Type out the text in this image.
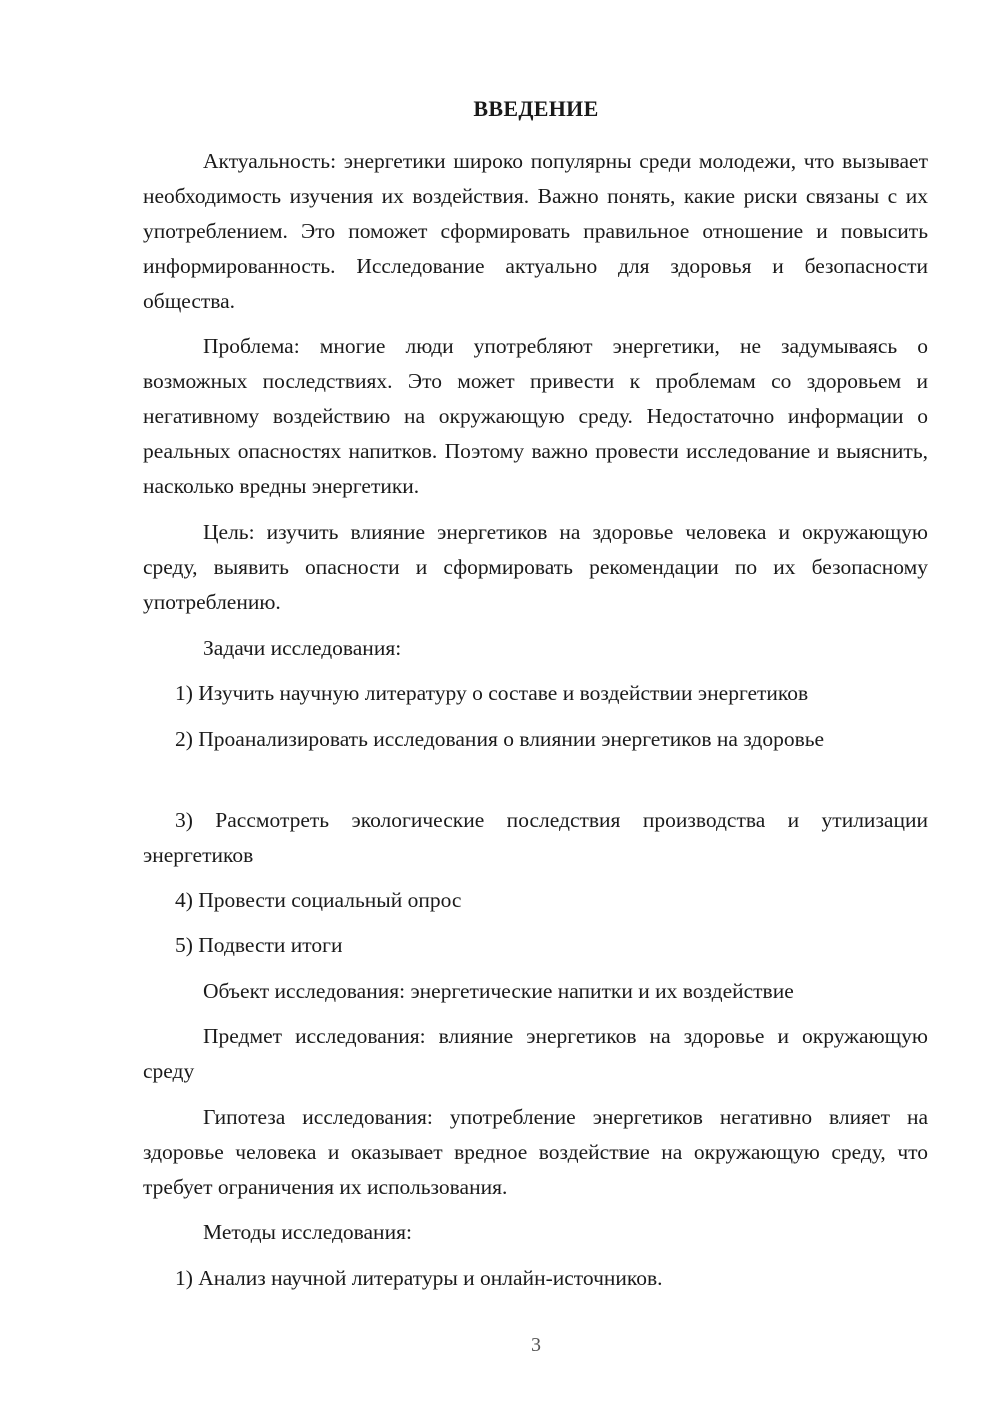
ВВЕДЕНИЕ

Актуальность: энергетики широко популярны среди молодежи, что вызывает необходимость изучения их воздействия. Важно понять, какие риски связаны с их употреблением. Это поможет сформировать правильное отношение и повысить информированность. Исследование актуально для здоровья и безопасности общества.

Проблема: многие люди употребляют энергетики, не задумываясь о возможных последствиях. Это может привести к проблемам со здоровьем и негативному воздействию на окружающую среду. Недостаточно информации о реальных опасностях напитков. Поэтому важно провести исследование и выяснить, насколько вредны энергетики.

Цель: изучить влияние энергетиков на здоровье человека и окружающую среду, выявить опасности и сформировать рекомендации по их безопасному употреблению.

Задачи исследования:

1) Изучить научную литературу о составе и воздействии энергетиков

2) Проанализировать исследования о влиянии энергетиков на здоровье

3) Рассмотреть экологические последствия производства и утилизации энергетиков

4) Провести социальный опрос

5) Подвести итоги

Объект исследования: энергетические напитки и их воздействие

Предмет исследования: влияние энергетиков на здоровье и окружающую среду

Гипотеза исследования: употребление энергетиков негативно влияет на здоровье человека и оказывает вредное воздействие на окружающую среду, что требует ограничения их использования.

Методы исследования:

1) Анализ научной литературы и онлайн-источников.

3
